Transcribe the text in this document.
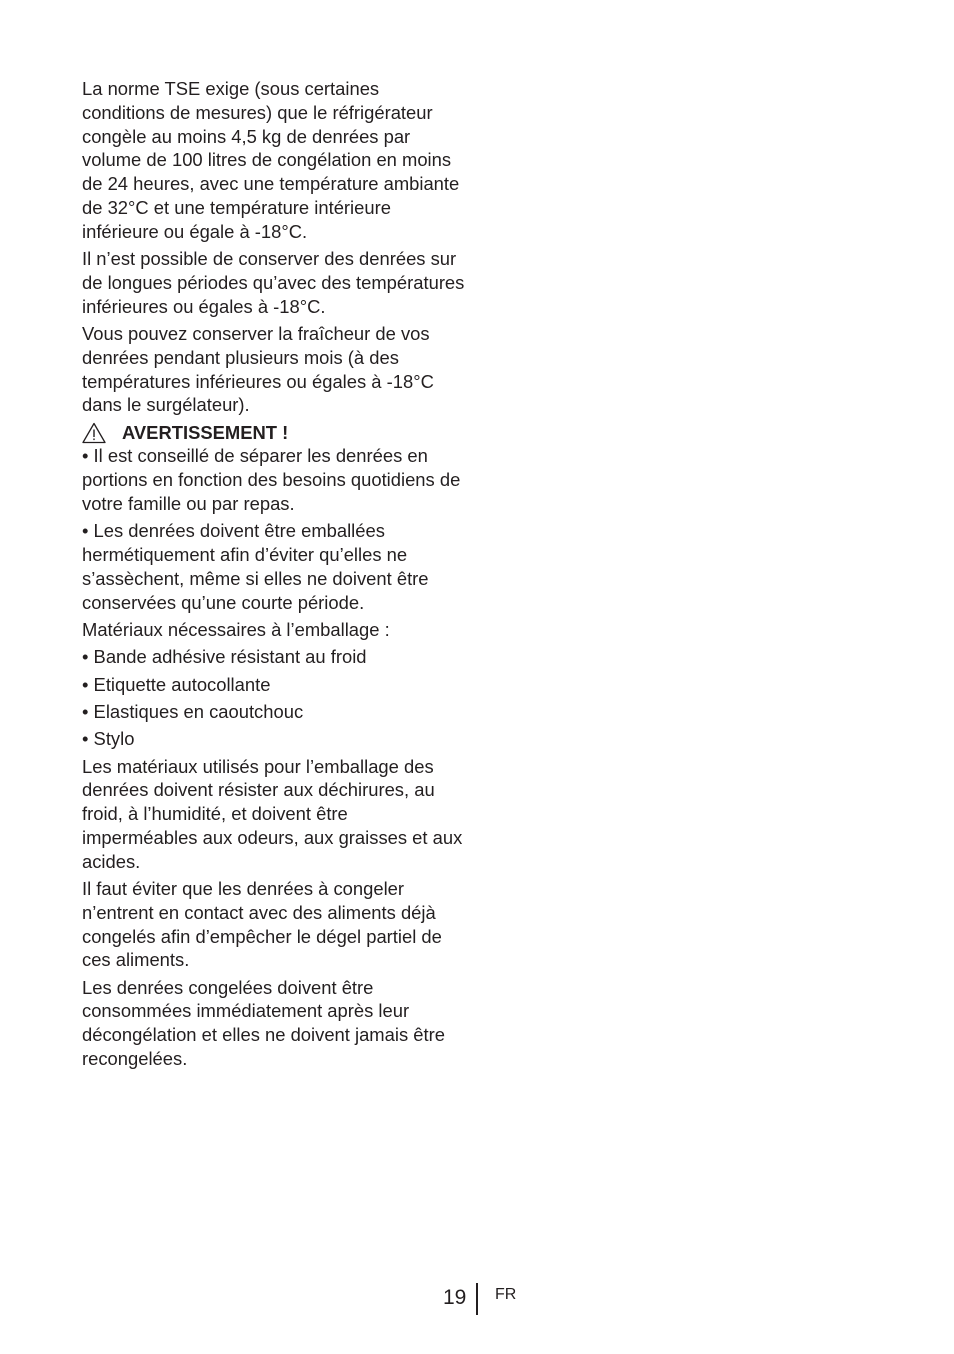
La norme TSE exige (sous certaines conditions de mesures) que le réfrigérateur congèle au moins 4,5 kg de denrées par volume de 100 litres de congélation en moins de 24 heures, avec une température ambiante de 32°C et une température intérieure inférieure ou égale à -18°C.

Il n’est possible de conserver des denrées sur de longues périodes qu’avec des températures inférieures ou égales à -18°C.

Vous pouvez conserver la fraîcheur de vos denrées pendant plusieurs mois (à des températures inférieures ou égales à -18°C dans le surgélateur).

AVERTISSEMENT !

• Il est conseillé de séparer les denrées en portions en fonction des besoins quotidiens de votre famille ou par repas.

• Les denrées doivent être emballées hermétiquement afin d’éviter qu’elles ne s’assèchent, même si elles ne doivent être conservées qu’une courte période.

Matériaux nécessaires à l’emballage :

• Bande adhésive résistant au froid
• Etiquette autocollante
• Elastiques en caoutchouc
• Stylo

Les matériaux utilisés pour l’emballage des denrées doivent résister aux déchirures, au froid, à l’humidité, et doivent être imperméables aux odeurs, aux graisses et aux acides.

Il faut éviter que les denrées à congeler n’entrent en contact avec des aliments déjà congelés afin d’empêcher le dégel partiel de ces aliments.

Les denrées congelées doivent être consommées immédiatement après leur décongélation et elles ne doivent jamais être recongelées.

19 FR
